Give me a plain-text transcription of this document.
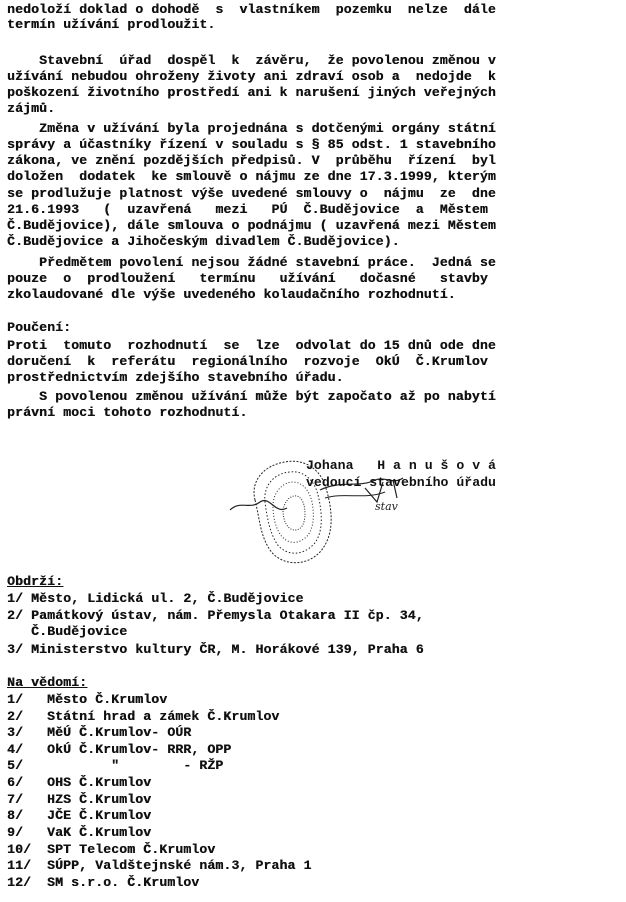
nedoloží doklad o dohodě  s  vlastníkem  pozemku  nelze  dále
termín užívání prodloužit.
Stavební  úřad  dospěl  k  závěru,  že povolenou změnou v
užívání nebudou ohroženy životy ani zdraví osob a  nedojde  k
poškození životního prostředí ani k narušení jiných veřejných
zájmů.
Změna v užívání byla projednána s dotčenými orgány státní
správy a účastníky řízení v souladu s § 85 odst. 1 stavebního
zákona, ve znění pozdějších předpisů. V  průběhu  řízení  byl
doložen  dodatek  ke smlouvě o nájmu ze dne 17.3.1999, kterým
se prodlužuje platnost výše uvedené smlouvy o  nájmu  ze  dne
21.6.1993   (  uzavřená   mezi   PÚ  Č.Budějovice  a  Městem
Č.Budějovice), dále smlouva o podnájmu ( uzavřená mezi Městem
Č.Budějovice a Jihočeským divadlem Č.Budějovice).
Předmětem povolení nejsou žádné stavební práce.  Jedná se
pouze  o  prodloužení   termínu   užívání   dočasné   stavby
zkolaudované dle výše uvedeného kolaudačního rozhodnutí.
Poučení:
Proti  tomuto  rozhodnutí  se  lze  odvolat do 15 dnů ode dne
doručení  k  referátu  regionálního  rozvoje  OkÚ  Č.Krumlov
prostřednictvím zdejšího stavebního úřadu.
S povolenou změnou užívání může být započato až po nabytí
právní moci tohoto rozhodnutí.
stav
Johana   H a n u š o v á
vedoucí stavebního úřadu
Obdrží:
1/ Město, Lidická ul. 2, Č.Budějovice
2/ Památkový ústav, nám. Přemysla Otakara II čp. 34,
Č.Budějovice
3/ Ministerstvo kultury ČR, M. Horákové 139, Praha 6
Na vědomí:
1/ Město Č.Krumlov
2/ Státní hrad a zámek Č.Krumlov
3/ MěÚ Č.Krumlov- OÚR
4/ OkÚ Č.Krumlov- RRR, OPP
5/        "        - RŽP
6/ OHS Č.Krumlov
7/ HZS Č.Krumlov
8/ JČE Č.Krumlov
9/ VaK Č.Krumlov
10/ SPT Telecom Č.Krumlov
11/ SÚPP, Valdštejnské nám.3, Praha 1
12/ SM s.r.o. Č.Krumlov
